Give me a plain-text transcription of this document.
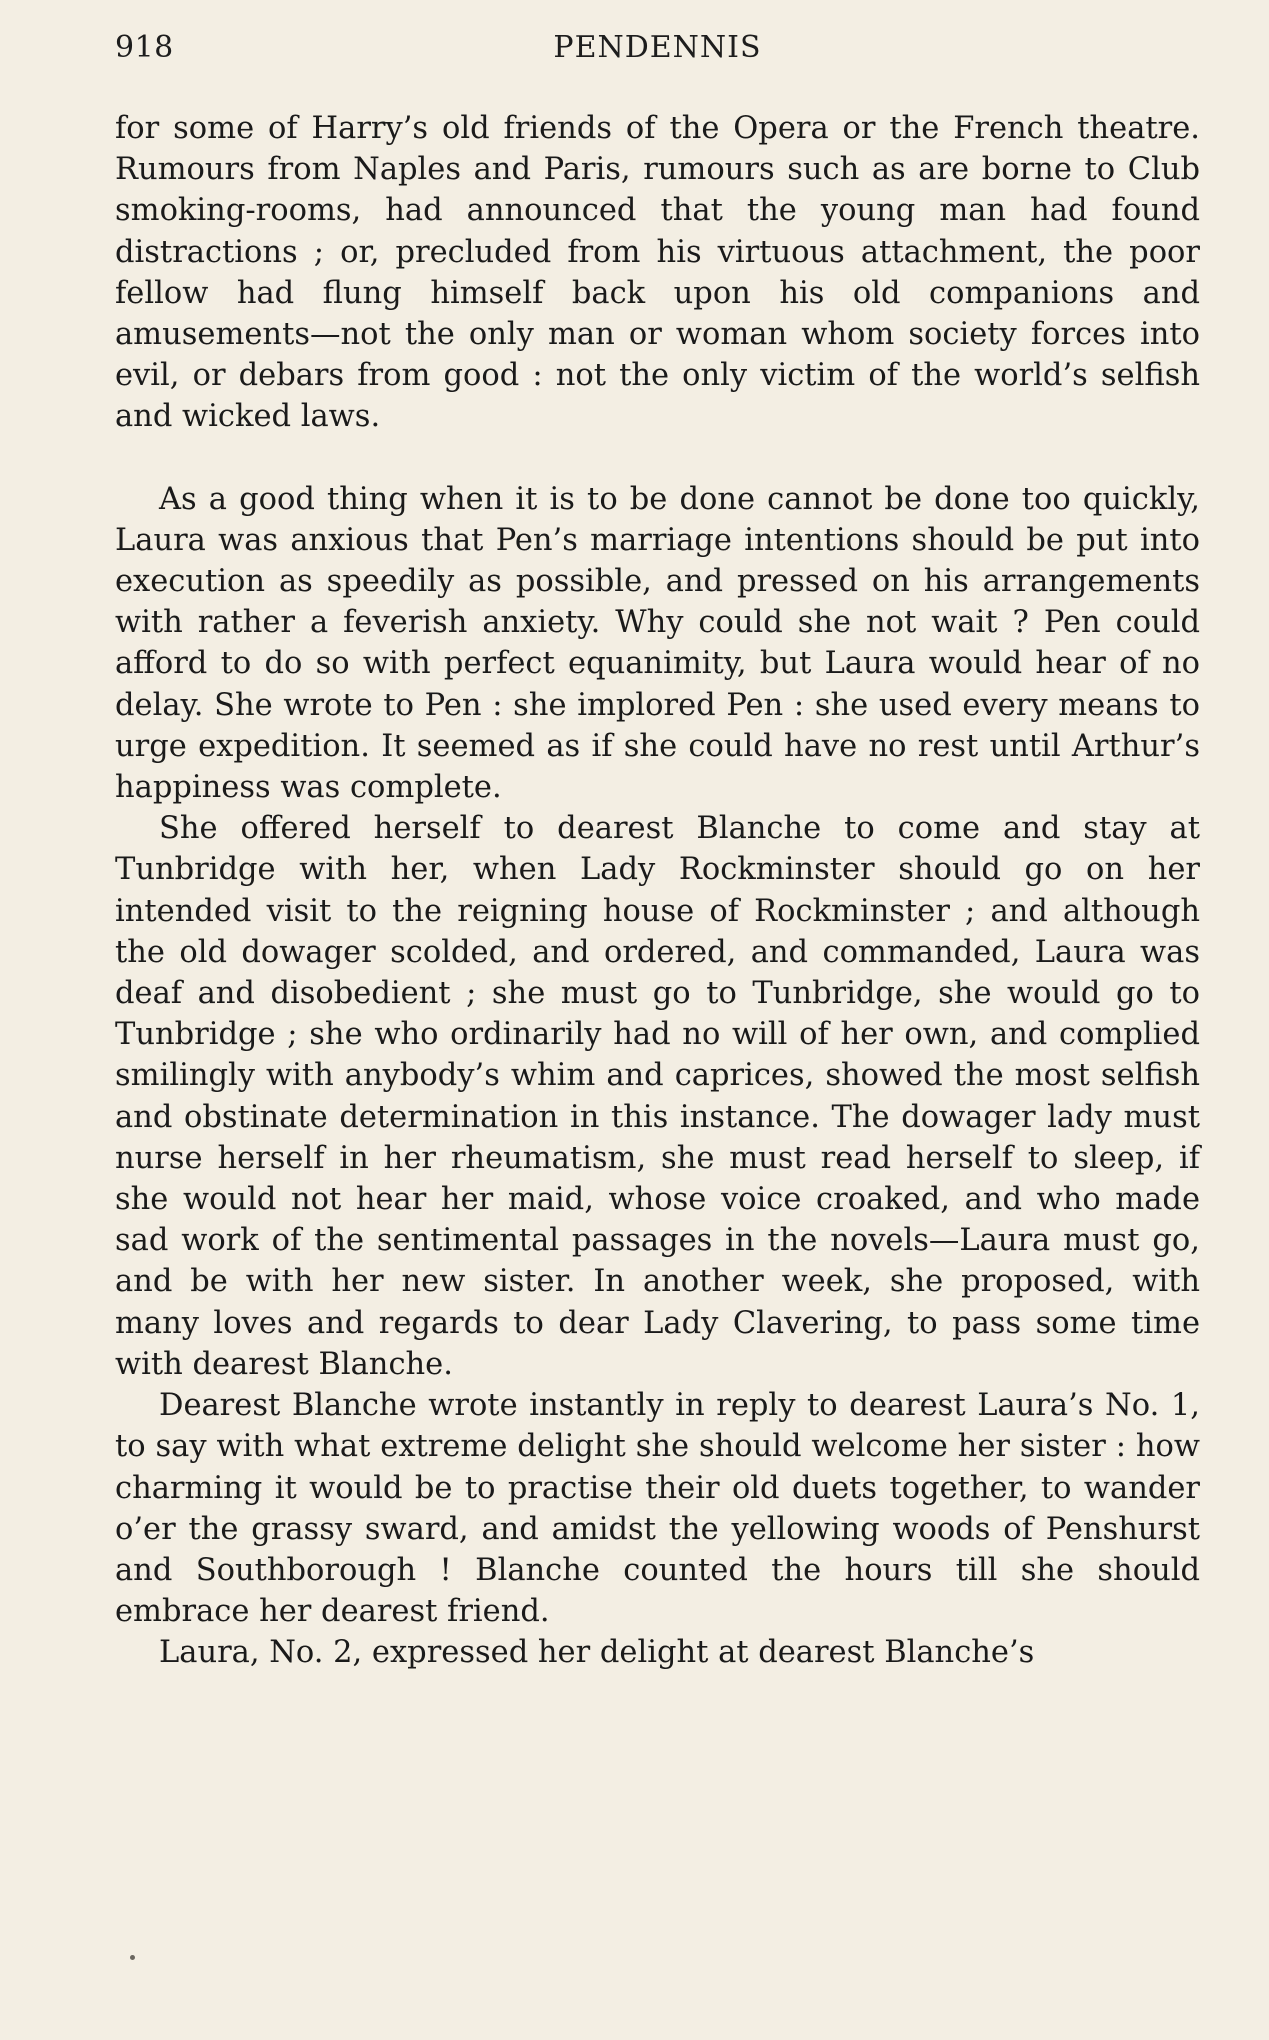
918	PENDENNIS

for some of Harry’s old friends of the Opera or the French theatre. Rumours from Naples and Paris, rumours such as are borne to Club smoking-rooms, had announced that the young man had found distractions ; or, precluded from his virtuous attachment, the poor fellow had flung himself back upon his old companions and amusements—not the only man or woman whom society forces into evil, or debars from good : not the only victim of the world’s selfish and wicked laws.

As a good thing when it is to be done cannot be done too quickly, Laura was anxious that Pen’s marriage intentions should be put into execution as speedily as possible, and pressed on his arrangements with rather a feverish anxiety. Why could she not wait ? Pen could afford to do so with perfect equanimity, but Laura would hear of no delay. She wrote to Pen : she implored Pen : she used every means to urge expedition. It seemed as if she could have no rest until Arthur’s happiness was complete.

She offered herself to dearest Blanche to come and stay at Tunbridge with her, when Lady Rockminster should go on her intended visit to the reigning house of Rockminster ; and although the old dowager scolded, and ordered, and commanded, Laura was deaf and disobedient ; she must go to Tunbridge, she would go to Tunbridge ; she who ordinarily had no will of her own, and complied smilingly with anybody’s whim and caprices, showed the most selfish and obstinate determination in this instance. The dowager lady must nurse herself in her rheumatism, she must read herself to sleep, if she would not hear her maid, whose voice croaked, and who made sad work of the sentimental passages in the novels—Laura must go, and be with her new sister. In another week, she proposed, with many loves and regards to dear Lady Clavering, to pass some time with dearest Blanche.

Dearest Blanche wrote instantly in reply to dearest Laura’s No. 1, to say with what extreme delight she should welcome her sister : how charming it would be to practise their old duets together, to wander o’er the grassy sward, and amidst the yellowing woods of Penshurst and Southborough ! Blanche counted the hours till she should embrace her dearest friend.

Laura, No. 2, expressed her delight at dearest Blanche’s
